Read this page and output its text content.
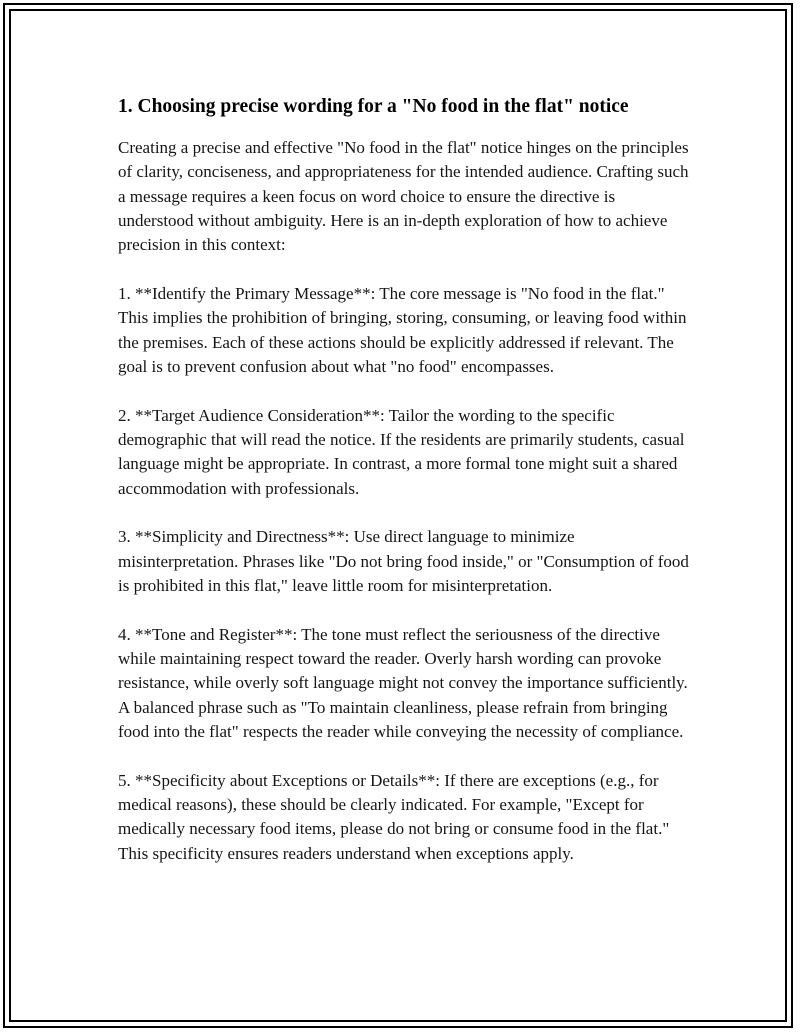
1. Choosing precise wording for a "No food in the flat" notice

Creating a precise and effective "No food in the flat" notice hinges on the principles of clarity, conciseness, and appropriateness for the intended audience. Crafting such a message requires a keen focus on word choice to ensure the directive is understood without ambiguity. Here is an in-depth exploration of how to achieve precision in this context:

1. **Identify the Primary Message**: The core message is "No food in the flat." This implies the prohibition of bringing, storing, consuming, or leaving food within the premises. Each of these actions should be explicitly addressed if relevant. The goal is to prevent confusion about what "no food" encompasses.

2. **Target Audience Consideration**: Tailor the wording to the specific demographic that will read the notice. If the residents are primarily students, casual language might be appropriate. In contrast, a more formal tone might suit a shared accommodation with professionals.

3. **Simplicity and Directness**: Use direct language to minimize misinterpretation. Phrases like "Do not bring food inside," or "Consumption of food is prohibited in this flat," leave little room for misinterpretation.

4. **Tone and Register**: The tone must reflect the seriousness of the directive while maintaining respect toward the reader. Overly harsh wording can provoke resistance, while overly soft language might not convey the importance sufficiently. A balanced phrase such as "To maintain cleanliness, please refrain from bringing food into the flat" respects the reader while conveying the necessity of compliance.

5. **Specificity about Exceptions or Details**: If there are exceptions (e.g., for medical reasons), these should be clearly indicated. For example, "Except for medically necessary food items, please do not bring or consume food in the flat." This specificity ensures readers understand when exceptions apply.
